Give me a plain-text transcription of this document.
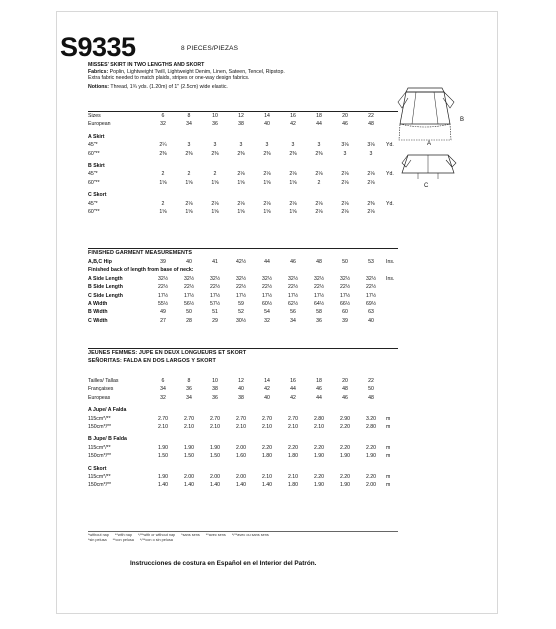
S9335	8 PIECES/PIEZAS
MISSES' SKIRT IN TWO LENGTHS AND SKORT
Fabrics: Poplin, Lightweight Twill, Lightweight Denim, Linen, Sateen, Tencel, Ripstop.
Extra fabric needed to match plaids, stripes or one-way design fabrics.
Notions: Thread, 1¾ yds. (1.20m) of 1" (2.5cm) wide elastic.
B
A
C
Sizes	6	8	10	12	14	16	18	20	22	
European	32	34	36	38	40	42	44	46	48	

A Skirt										
45"*	2¼	3	3	3	3	3	3	3⅛	3⅛	Yd.
60"**	2⅜	2⅜	2⅜	2⅜	2⅜	2⅜	2⅜	3	3	

B Skirt										
45"*	2	2	2	2⅛	2⅛	2⅛	2⅛	2⅛	2⅛	Yd.
60"**	1⅝	1⅝	1⅝	1⅝	1⅝	1⅝	2	2⅛	2⅛	

C Skort										
45"*	2	2⅛	2⅛	2⅛	2⅛	2⅛	2⅛	2⅛	2⅜	Yd.
60"**	1⅝	1⅝	1⅝	1⅝	1⅝	1⅝	2⅛	2⅛	2⅛	
FINISHED GARMENT MEASUREMENTS
A,B,C Hip	39	40	41	42½	44	46	48	50	53	Ins.
Finished back of length from base of neck:										
A Side Length	32½	32½	32½	32½	32½	32½	32½	32½	32½	Ins.
B Side Length	22½	22½	22½	22½	22½	22½	22½	22½	22½	
C Side Length	17½	17½	17½	17½	17½	17½	17½	17½	17½	
A Width	55½	56½	57½	59	60½	62½	64½	66½	69½	
B Width	49	50	51	52	54	56	58	60	63	
C Width	27	28	29	30½	32	34	36	39	40	
JEUNES FEMMES: JUPE EN DEUX LONGUEURS ET SKORT
SEÑORITAS: FALDA EN DOS LARGOS Y SKORT
Tailles/ Tallas	6	8	10	12	14	16	18	20	22	
Françaises	34	36	38	40	42	44	46	48	50	
Europeas	32	34	36	38	40	42	44	46	48	

A Jupe/ A Falda										
115cm*/**	2.70	2.70	2.70	2.70	2.70	2.70	2.80	2.90	3.20	m
150cm*/**	2.10	2.10	2.10	2.10	2.10	2.10	2.10	2.20	2.80	m

B Jupe/ B Falda										
115cm*/**	1.90	1.90	1.90	2.00	2.20	2.20	2.20	2.20	2.20	m
150cm*/**	1.50	1.50	1.50	1.60	1.80	1.80	1.90	1.90	1.90	m

C Skort										
115cm*/**	1.90	2.00	2.00	2.00	2.10	2.10	2.20	2.20	2.20	m
150cm*/**	1.40	1.40	1.40	1.40	1.40	1.80	1.90	1.90	2.00	m
*without nap **with nap */**with or without nap *sans sens **avec sens */**avec ou sans sens
*sin pelusa **con pelusa */**con o sin pelusa
Instrucciones de costura en Español en el Interior del Patrón.
